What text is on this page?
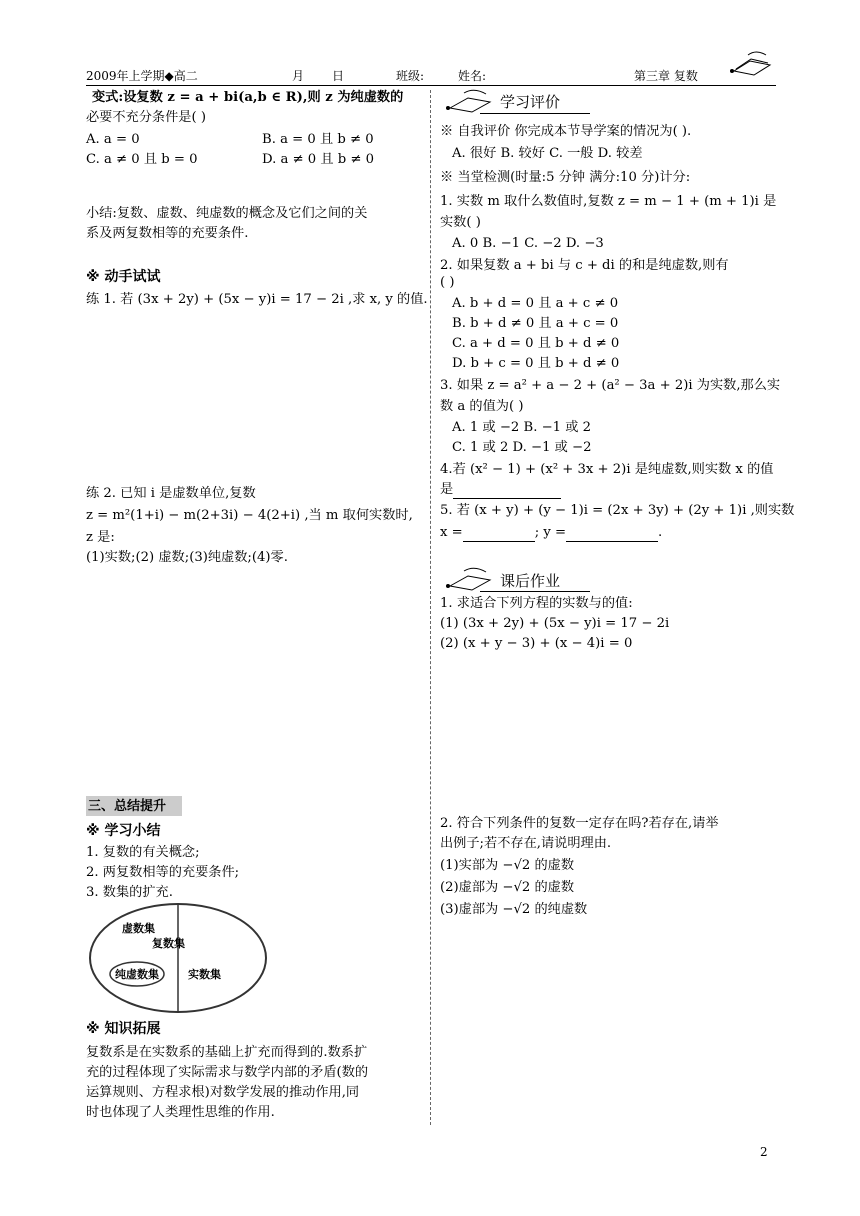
2009年上学期◆高二	月 日	班级:	姓名:	第三章 复数
变式:设复数 z = a + bi(a,b ∈ R),则 z 为纯虚数的
必要不充分条件是( )
A. a = 0	B. a = 0 且 b ≠ 0
C. a ≠ 0 且 b = 0	D. a ≠ 0 且 b ≠ 0
小结:复数、虚数、纯虚数的概念及它们之间的关
系及两复数相等的充要条件.
※ 动手试试
练 1. 若 (3x + 2y) + (5x − y)i = 17 − 2i ,求 x, y 的值.
练 2. 已知 i 是虚数单位,复数
z = m²(1+i) − m(2+3i) − 4(2+i) ,当 m 取何实数时,
z 是:
(1)实数;(2) 虚数;(3)纯虚数;(4)零.
三、总结提升
※ 学习小结
1. 复数的有关概念;
2. 两复数相等的充要条件;
3. 数集的扩充.
虚数集
复数集
纯虚数集	实数集
※ 知识拓展
复数系是在实数系的基础上扩充而得到的.数系扩
充的过程体现了实际需求与数学内部的矛盾(数的
运算规则、方程求根)对数学发展的推动作用,同
时也体现了人类理性思维的作用.
学习评价
※ 自我评价 你完成本节导学案的情况为( ).
A. 很好 B. 较好 C. 一般 D. 较差
※ 当堂检测(时量:5 分钟 满分:10 分)计分:
1. 实数 m 取什么数值时,复数 z = m − 1 + (m + 1)i 是
实数( )
A. 0 B. −1 C. −2 D. −3
2. 如果复数 a + bi 与 c + di 的和是纯虚数,则有
( )
A. b + d = 0 且 a + c ≠ 0
B. b + d ≠ 0 且 a + c = 0
C. a + d = 0 且 b + d ≠ 0
D. b + c = 0 且 b + d ≠ 0
3. 如果 z = a² + a − 2 + (a² − 3a + 2)i 为实数,那么实
数 a 的值为( )
A. 1 或 −2 B. −1 或 2
C. 1 或 2 D. −1 或 −2
4.若 (x² − 1) + (x² + 3x + 2)i 是纯虚数,则实数 x 的值
是
5. 若 (x + y) + (y − 1)i = (2x + 3y) + (2y + 1)i ,则实数
x =	; y =	.
课后作业
1. 求适合下列方程的实数与的值:
(1) (3x + 2y) + (5x − y)i = 17 − 2i
(2) (x + y − 3) + (x − 4)i = 0
2. 符合下列条件的复数一定存在吗?若存在,请举
出例子;若不存在,请说明理由.
(1)实部为 −√2 的虚数
(2)虚部为 −√2 的虚数
(3)虚部为 −√2 的纯虚数
2
